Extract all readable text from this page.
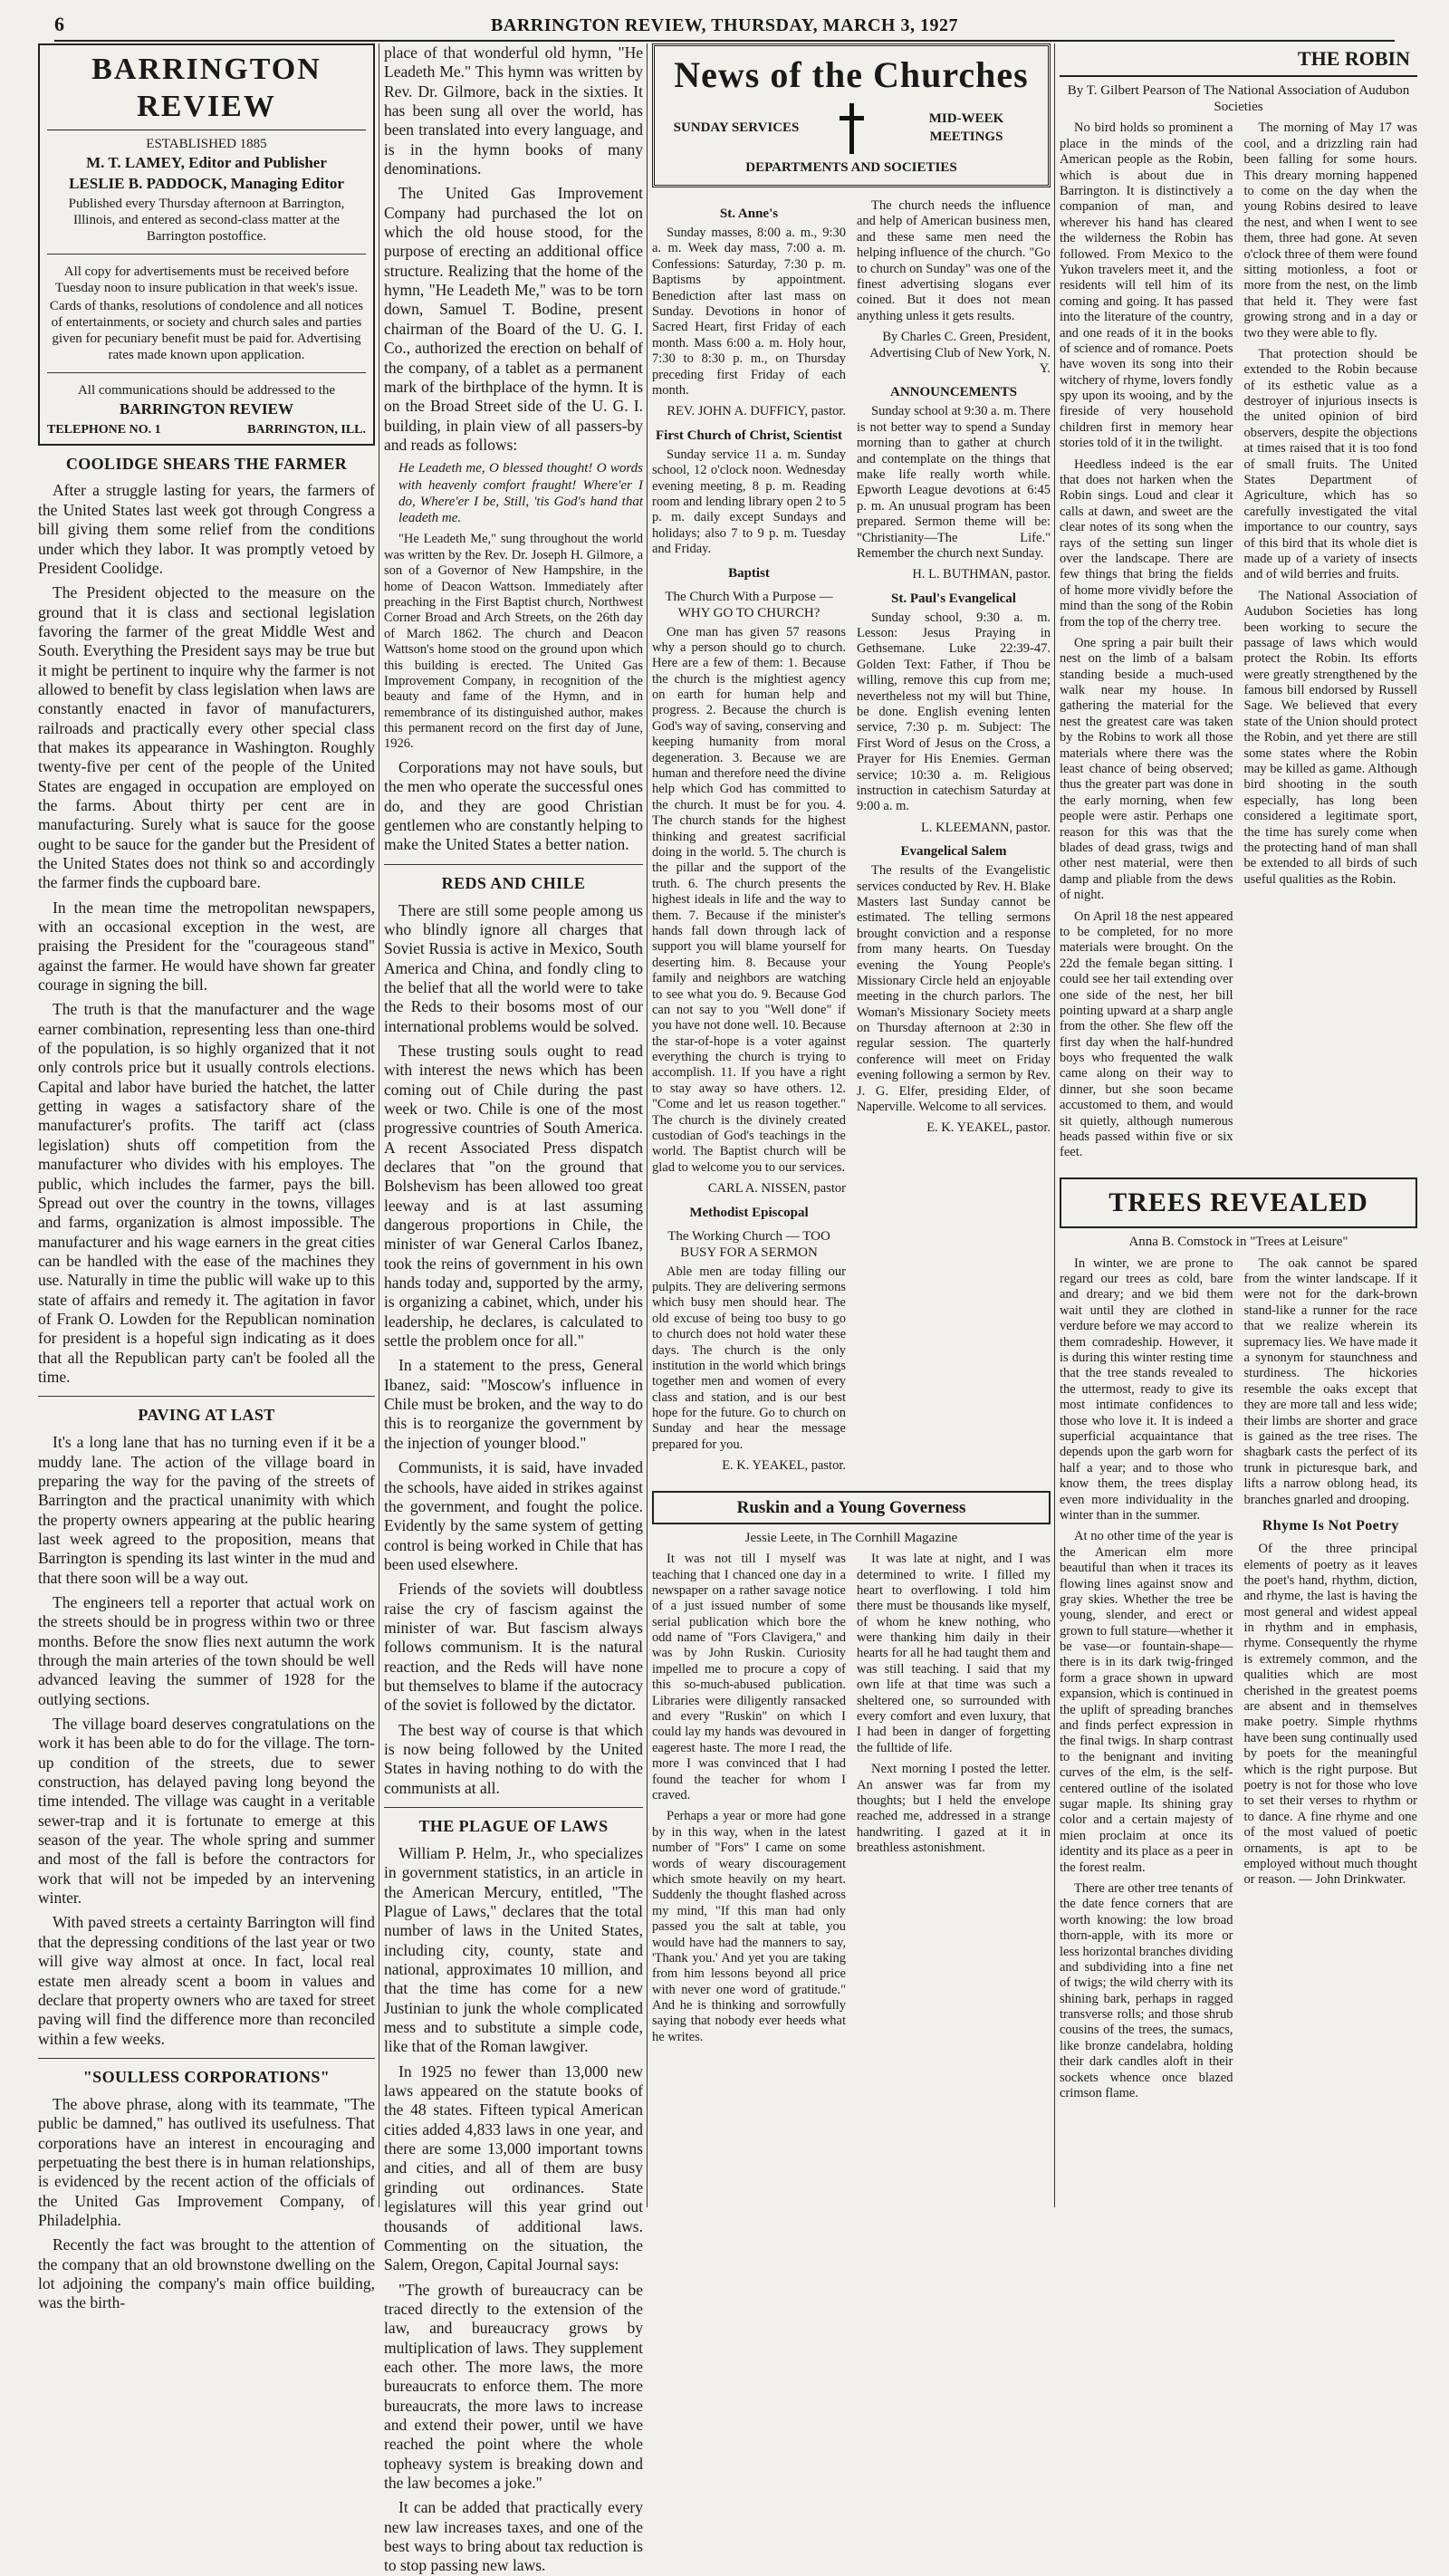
6	BARRINGTON REVIEW, THURSDAY, MARCH 3, 1927
BARRINGTON REVIEW

ESTABLISHED 1885

M. T. LAMEY, Editor and Publisher

LESLIE B. PADDOCK, Managing Editor

Published every Thursday afternoon at Barrington, Illinois, and entered as second-class matter at the Barrington postoffice.

All copy for advertisements must be received before Tuesday noon to insure publication in that week's issue.

Cards of thanks, resolutions of condolence and all notices of entertainments, or society and church sales and parties given for pecuniary benefit must be paid for. Advertising rates made known upon application.

All communications should be addressed to the

BARRINGTON REVIEW

TELEPHONE NO. 1	BARRINGTON, ILL.
COOLIDGE SHEARS THE FARMER

After a struggle lasting for years, the farmers of the United States last week got through Congress a bill giving them some relief from the conditions under which they labor. It was promptly vetoed by President Coolidge.

The President objected to the measure on the ground that it is class and sectional legislation favoring the farmer of the great Middle West and South. Everything the President says may be true but it might be pertinent to inquire why the farmer is not allowed to benefit by class legislation when laws are constantly enacted in favor of manufacturers, railroads and practically every other special class that makes its appearance in Washington. Roughly twenty-five per cent of the people of the United States are engaged in occupation are employed on the farms. About thirty per cent are in manufacturing. Surely what is sauce for the goose ought to be sauce for the gander but the President of the United States does not think so and accordingly the farmer finds the cupboard bare.

In the mean time the metropolitan newspapers, with an occasional exception in the west, are praising the President for the "courageous stand" against the farmer. He would have shown far greater courage in signing the bill.

The truth is that the manufacturer and the wage earner combination, representing less than one-third of the population, is so highly organized that it not only controls price but it usually controls elections. Capital and labor have buried the hatchet, the latter getting in wages a satisfactory share of the manufacturer's profits. The tariff act (class legislation) shuts off competition from the manufacturer who divides with his employes. The public, which includes the farmer, pays the bill. Spread out over the country in the towns, villages and farms, organization is almost impossible. The manufacturer and his wage earners in the great cities can be handled with the ease of the machines they use. Naturally in time the public will wake up to this state of affairs and remedy it. The agitation in favor of Frank O. Lowden for the Republican nomination for president is a hopeful sign indicating as it does that all the Republican party can't be fooled all the time.

PAVING AT LAST

It's a long lane that has no turning even if it be a muddy lane. The action of the village board in preparing the way for the paving of the streets of Barrington and the practical unanimity with which the property owners appearing at the public hearing last week agreed to the proposition, means that Barrington is spending its last winter in the mud and that there soon will be a way out.

The engineers tell a reporter that actual work on the streets should be in progress within two or three months. Before the snow flies next autumn the work through the main arteries of the town should be well advanced leaving the summer of 1928 for the outlying sections.

The village board deserves congratulations on the work it has been able to do for the village. The torn-up condition of the streets, due to sewer construction, has delayed paving long beyond the time intended. The village was caught in a veritable sewer-trap and it is fortunate to emerge at this season of the year. The whole spring and summer and most of the fall is before the contractors for work that will not be impeded by an intervening winter.

With paved streets a certainty Barrington will find that the depressing conditions of the last year or two will give way almost at once. In fact, local real estate men already scent a boom in values and declare that property owners who are taxed for street paving will find the difference more than reconciled within a few weeks.

"SOULLESS CORPORATIONS"

The above phrase, along with its teammate, "The public be damned," has outlived its usefulness. That corporations have an interest in encouraging and perpetuating the best there is in human relationships, is evidenced by the recent action of the officials of the United Gas Improvement Company, of Philadelphia.

Recently the fact was brought to the attention of the company that an old brownstone dwelling on the lot adjoining the company's main office building, was the birth-

place of that wonderful old hymn, "He Leadeth Me." This hymn was written by Rev. Dr. Gilmore, back in the sixties. It has been sung all over the world, has been translated into every language, and is in the hymn books of many denominations.

The United Gas Improvement Company had purchased the lot on which the old house stood, for the purpose of erecting an additional office structure. Realizing that the home of the hymn, "He Leadeth Me," was to be torn down, Samuel T. Bodine, present chairman of the Board of the U. G. I. Co., authorized the erection on behalf of the company, of a tablet as a permanent mark of the birthplace of the hymn. It is on the Broad Street side of the U. G. I. building, in plain view of all passers-by and reads as follows:

He Leadeth me, O blessed thought! O words with heavenly comfort fraught! Where'er I do, Where'er I be, Still, 'tis God's hand that leadeth me.

"He Leadeth Me," sung throughout the world was written by the Rev. Dr. Joseph H. Gilmore, a son of a Governor of New Hampshire, in the home of Deacon Wattson. Immediately after preaching in the First Baptist church, Northwest Corner Broad and Arch Streets, on the 26th day of March 1862. The church and Deacon Wattson's home stood on the ground upon which this building is erected. The United Gas Improvement Company, in recognition of the beauty and fame of the Hymn, and in remembrance of its distinguished author, makes this permanent record on the first day of June, 1926.

Corporations may not have souls, but the men who operate the successful ones do, and they are good Christian gentlemen who are constantly helping to make the United States a better nation.

REDS AND CHILE

There are still some people among us who blindly ignore all charges that Soviet Russia is active in Mexico, South America and China, and fondly cling to the belief that all the world were to take the Reds to their bosoms most of our international problems would be solved.

These trusting souls ought to read with interest the news which has been coming out of Chile during the past week or two. Chile is one of the most progressive countries of South America. A recent Associated Press dispatch declares that "on the ground that Bolshevism has been allowed too great leeway and is at last assuming dangerous proportions in Chile, the minister of war General Carlos Ibanez, took the reins of government in his own hands today and, supported by the army, is organizing a cabinet, which, under his leadership, he declares, is calculated to settle the problem once for all."

In a statement to the press, General Ibanez, said: "Moscow's influence in Chile must be broken, and the way to do this is to reorganize the government by the injection of younger blood."

Communists, it is said, have invaded the schools, have aided in strikes against the government, and fought the police. Evidently by the same system of getting control is being worked in Chile that has been used elsewhere.

Friends of the soviets will doubtless raise the cry of fascism against the minister of war. But fascism always follows communism. It is the natural reaction, and the Reds will have none but themselves to blame if the autocracy of the soviet is followed by the dictator.

The best way of course is that which is now being followed by the United States in having nothing to do with the communists at all.

THE PLAGUE OF LAWS

William P. Helm, Jr., who specializes in government statistics, in an article in the American Mercury, entitled, "The Plague of Laws," declares that the total number of laws in the United States, including city, county, state and national, approximates 10 million, and that the time has come for a new Justinian to junk the whole complicated mess and to substitute a simple code, like that of the Roman lawgiver.

In 1925 no fewer than 13,000 new laws appeared on the statute books of the 48 states. Fifteen typical American cities added 4,833 laws in one year, and there are some 13,000 important towns and cities, and all of them are busy grinding out ordinances. State legislatures will this year grind out thousands of additional laws. Commenting on the situation, the Salem, Oregon, Capital Journal says:

"The growth of bureaucracy can be traced directly to the extension of the law, and bureaucracy grows by multiplication of laws. They supplement each other. The more laws, the more bureaucrats to enforce them. The more bureaucrats, the more laws to increase and extend their power, until we have reached the point where the whole topheavy system is breaking down and the law becomes a joke."

It can be added that practically every new law increases taxes, and one of the best ways to bring about tax reduction is to stop passing new laws.

News of the Churches
SUNDAY SERVICES
MID-WEEK MEETINGS
DEPARTMENTS AND SOCIETIES
St. Anne's

Sunday masses, 8:00 a. m., 9:30 a. m. Week day mass, 7:00 a. m. Confessions: Saturday, 7:30 p. m. Baptisms by appointment. Benediction after last mass on Sunday. Devotions in honor of Sacred Heart, first Friday of each month. Mass 6:00 a. m. Holy hour, 7:30 to 8:30 p. m., on Thursday preceding first Friday of each month.

REV. JOHN A. DUFFICY, pastor.

First Church of Christ, Scientist

Sunday service 11 a. m. Sunday school, 12 o'clock noon. Wednesday evening meeting, 8 p. m. Reading room and lending library open 2 to 5 p. m. daily except Sundays and holidays; also 7 to 9 p. m. Tuesday and Friday.

Baptist

The Church With a Purpose — WHY GO TO CHURCH?

One man has given 57 reasons why a person should go to church. Here are a few of them: 1. Because the church is the mightiest agency on earth for human help and progress. 2. Because the church is God's way of saving, conserving and keeping humanity from moral degeneration. 3. Because we are human and therefore need the divine help which God has committed to the church. It must be for you. 4. The church stands for the highest thinking and greatest sacrificial doing in the world. 5. The church is the pillar and the support of the truth. 6. The church presents the highest ideals in life and the way to them. 7. Because if the minister's hands fall down through lack of support you will blame yourself for deserting him. 8. Because your family and neighbors are watching to see what you do. 9. Because God can not say to you "Well done" if you have not done well. 10. Because the star-of-hope is a voter against everything the church is trying to accomplish. 11. If you have a right to stay away so have others. 12. "Come and let us reason together." The church is the divinely created custodian of God's teachings in the world. The Baptist church will be glad to welcome you to our services.

CARL A. NISSEN, pastor

Methodist Episcopal

The Working Church — TOO BUSY FOR A SERMON

Able men are today filling our pulpits. They are delivering sermons which busy men should hear. The old excuse of being too busy to go to church does not hold water these days. The church is the only institution in the world which brings together men and women of every class and station, and is our best hope for the future. Go to church on Sunday and hear the message prepared for you.

E. K. YEAKEL, pastor.

The church needs the influence and help of American business men, and these same men need the helping influence of the church. "Go to church on Sunday" was one of the finest advertising slogans ever coined. But it does not mean anything unless it gets results.

By Charles C. Green, President, Advertising Club of New York, N. Y.

ANNOUNCEMENTS

Sunday school at 9:30 a. m. There is not better way to spend a Sunday morning than to gather at church and contemplate on the things that make life really worth while. Epworth League devotions at 6:45 p. m. An unusual program has been prepared. Sermon theme will be: "Christianity—The Life." Remember the church next Sunday.

H. L. BUTHMAN, pastor.

St. Paul's Evangelical

Sunday school, 9:30 a. m. Lesson: Jesus Praying in Gethsemane. Luke 22:39-47. Golden Text: Father, if Thou be willing, remove this cup from me; nevertheless not my will but Thine, be done. English evening lenten service, 7:30 p. m. Subject: The First Word of Jesus on the Cross, a Prayer for His Enemies. German service; 10:30 a. m. Religious instruction in catechism Saturday at 9:00 a. m.

L. KLEEMANN, pastor.

Evangelical Salem

The results of the Evangelistic services conducted by Rev. H. Blake Masters last Sunday cannot be estimated. The telling sermons brought conviction and a response from many hearts. On Tuesday evening the Young People's Missionary Circle held an enjoyable meeting in the church parlors. The Woman's Missionary Society meets on Thursday afternoon at 2:30 in regular session. The quarterly conference will meet on Friday evening following a sermon by Rev. J. G. Elfer, presiding Elder, of Naperville. Welcome to all services.

E. K. YEAKEL, pastor.

Ruskin and a Young Governess

Jessie Leete, in The Cornhill Magazine

It was not till I myself was teaching that I chanced one day in a newspaper on a rather savage notice of a just issued number of some serial publication which bore the odd name of "Fors Clavigera," and was by John Ruskin. Curiosity impelled me to procure a copy of this so-much-abused publication. Libraries were diligently ransacked and every "Ruskin" on which I could lay my hands was devoured in eagerest haste. The more I read, the more I was convinced that I had found the teacher for whom I craved.

Perhaps a year or more had gone by in this way, when in the latest number of "Fors" I came on some words of weary discouragement which smote heavily on my heart. Suddenly the thought flashed across my mind, "If this man had only passed you the salt at table, you would have had the manners to say, 'Thank you.' And yet you are taking from him lessons beyond all price with never one word of gratitude." And he is thinking and sorrowfully saying that nobody ever heeds what he writes.

It was late at night, and I was determined to write. I filled my heart to overflowing. I told him there must be thousands like myself, of whom he knew nothing, who were thanking him daily in their hearts for all he had taught them and was still teaching. I said that my own life at that time was such a sheltered one, so surrounded with every comfort and even luxury, that I had been in danger of forgetting the fulltide of life.

Next morning I posted the letter. An answer was far from my thoughts; but I held the envelope reached me, addressed in a strange handwriting. I gazed at it in breathless astonishment.

THE ROBIN

By T. Gilbert Pearson of The National Association of Audubon Societies

No bird holds so prominent a place in the minds of the American people as the Robin, which is about due in Barrington. It is distinctively a companion of man, and wherever his hand has cleared the wilderness the Robin has followed. From Mexico to the Yukon travelers meet it, and the residents will tell him of its coming and going. It has passed into the literature of the country, and one reads of it in the books of science and of romance. Poets have woven its song into their witchery of rhyme, lovers fondly spy upon its wooing, and by the fireside of very household children first in memory hear stories told of it in the twilight.

Heedless indeed is the ear that does not harken when the Robin sings. Loud and clear it calls at dawn, and sweet are the clear notes of its song when the rays of the setting sun linger over the landscape. There are few things that bring the fields of home more vividly before the mind than the song of the Robin from the top of the cherry tree.

One spring a pair built their nest on the limb of a balsam standing beside a much-used walk near my house. In gathering the material for the nest the greatest care was taken by the Robins to work all those materials where there was the least chance of being observed; thus the greater part was done in the early morning, when few people were astir. Perhaps one reason for this was that the blades of dead grass, twigs and other nest material, were then damp and pliable from the dews of night.

On April 18 the nest appeared to be completed, for no more materials were brought. On the 22d the female began sitting. I could see her tail extending over one side of the nest, her bill pointing upward at a sharp angle from the other. She flew off the first day when the half-hundred boys who frequented the walk came along on their way to dinner, but she soon became accustomed to them, and would sit quietly, although numerous heads passed within five or six feet.

The morning of May 17 was cool, and a drizzling rain had been falling for some hours. This dreary morning happened to come on the day when the young Robins desired to leave the nest, and when I went to see them, three had gone. At seven o'clock three of them were found sitting motionless, a foot or more from the nest, on the limb that held it. They were fast growing strong and in a day or two they were able to fly.

That protection should be extended to the Robin because of its esthetic value as a destroyer of injurious insects is the united opinion of bird observers, despite the objections at times raised that it is too fond of small fruits. The United States Department of Agriculture, which has so carefully investigated the vital importance to our country, says of this bird that its whole diet is made up of a variety of insects and of wild berries and fruits.

The National Association of Audubon Societies has long been working to secure the passage of laws which would protect the Robin. Its efforts were greatly strengthened by the famous bill endorsed by Russell Sage. We believed that every state of the Union should protect the Robin, and yet there are still some states where the Robin may be killed as game. Although bird shooting in the south especially, has long been considered a legitimate sport, the time has surely come when the protecting hand of man shall be extended to all birds of such useful qualities as the Robin.

TREES REVEALED

Anna B. Comstock in "Trees at Leisure"

In winter, we are prone to regard our trees as cold, bare and dreary; and we bid them wait until they are clothed in verdure before we may accord to them comradeship. However, it is during this winter resting time that the tree stands revealed to the uttermost, ready to give its most intimate confidences to those who love it. It is indeed a superficial acquaintance that depends upon the garb worn for half a year; and to those who know them, the trees display even more individuality in the winter than in the summer.

At no other time of the year is the American elm more beautiful than when it traces its flowing lines against snow and gray skies. Whether the tree be young, slender, and erect or grown to full stature—whether it be vase—or fountain-shape—there is in its dark twig-fringed form a grace shown in upward expansion, which is continued in the uplift of spreading branches and finds perfect expression in the final twigs. In sharp contrast to the benignant and inviting curves of the elm, is the self-centered outline of the isolated sugar maple. Its shining gray color and a certain majesty of mien proclaim at once its identity and its place as a peer in the forest realm.

There are other tree tenants of the date fence corners that are worth knowing: the low broad thorn-apple, with its more or less horizontal branches dividing and subdividing into a fine net of twigs; the wild cherry with its shining bark, perhaps in ragged transverse rolls; and those shrub cousins of the trees, the sumacs, like bronze candelabra, holding their dark candles aloft in their sockets whence once blazed crimson flame.

The oak cannot be spared from the winter landscape. If it were not for the dark-brown stand-like a runner for the race that we realize wherein its supremacy lies. We have made it a synonym for staunchness and sturdiness. The hickories resemble the oaks except that they are more tall and less wide; their limbs are shorter and grace is gained as the tree rises. The shagbark casts the perfect of its trunk in picturesque bark, and lifts a narrow oblong head, its branches gnarled and drooping.

Rhyme Is Not Poetry

Of the three principal elements of poetry as it leaves the poet's hand, rhythm, diction, and rhyme, the last is having the most general and widest appeal in rhythm and in emphasis, rhyme. Consequently the rhyme is extremely common, and the qualities which are most cherished in the greatest poems are absent and in themselves make poetry. Simple rhythms have been sung continually used by poets for the meaningful which is the right purpose. But poetry is not for those who love to set their verses to rhythm or to dance. A fine rhyme and one of the most valued of poetic ornaments, is apt to be employed without much thought or reason. — John Drinkwater.
